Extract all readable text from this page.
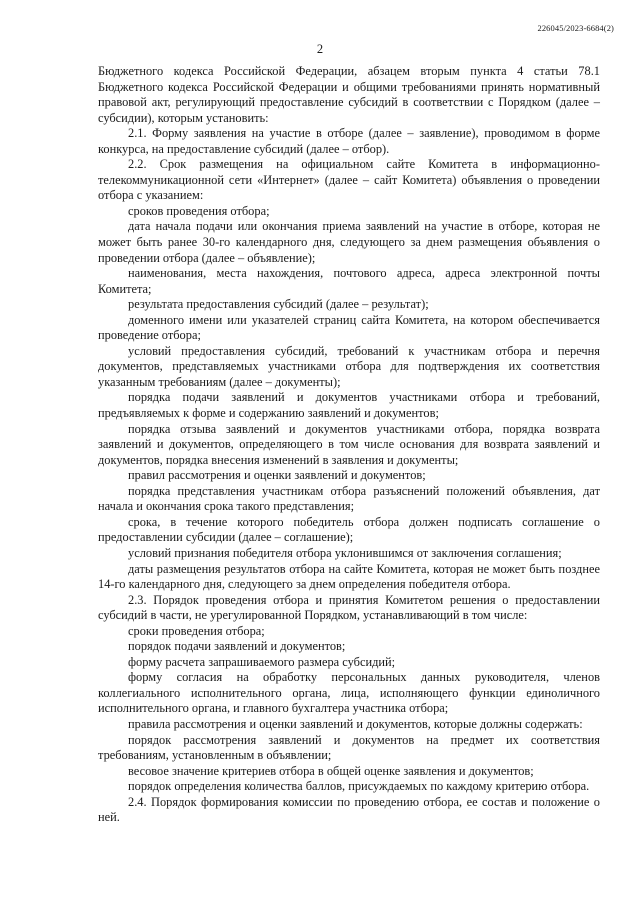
226045/2023-6684(2)
2

Бюджетного кодекса Российской Федерации, абзацем вторым пункта 4 статьи 78.1 Бюджетного кодекса Российской Федерации и общими требованиями принять нормативный правовой акт, регулирующий предоставление субсидий в соответствии с Порядком (далее – субсидии), которым установить:

2.1. Форму заявления на участие в отборе (далее – заявление), проводимом в форме конкурса, на предоставление субсидий (далее – отбор).

2.2. Срок размещения на официальном сайте Комитета в информационно-телекоммуникационной сети «Интернет» (далее – сайт Комитета) объявления о проведении отбора с указанием:

сроков проведения отбора;

дата начала подачи или окончания приема заявлений на участие в отборе, которая не может быть ранее 30-го календарного дня, следующего за днем размещения объявления о проведении отбора (далее – объявление);

наименования, места нахождения, почтового адреса, адреса электронной почты Комитета;

результата предоставления субсидий (далее – результат);

доменного имени или указателей страниц сайта Комитета, на котором обеспечивается проведение отбора;

условий предоставления субсидий, требований к участникам отбора и перечня документов, представляемых участниками отбора для подтверждения их соответствия указанным требованиям (далее – документы);

порядка подачи заявлений и документов участниками отбора и требований, предъявляемых к форме и содержанию заявлений и документов;

порядка отзыва заявлений и документов участниками отбора, порядка возврата заявлений и документов, определяющего в том числе основания для возврата заявлений и документов, порядка внесения изменений в заявления и документы;

правил рассмотрения и оценки заявлений и документов;

порядка представления участникам отбора разъяснений положений объявления, дат начала и окончания срока такого представления;

срока, в течение которого победитель отбора должен подписать соглашение о предоставлении субсидии (далее – соглашение);

условий признания победителя отбора уклонившимся от заключения соглашения;

даты размещения результатов отбора на сайте Комитета, которая не может быть позднее 14-го календарного дня, следующего за днем определения победителя отбора.

2.3. Порядок проведения отбора и принятия Комитетом решения о предоставлении субсидий в части, не урегулированной Порядком, устанавливающий в том числе:

сроки проведения отбора;

порядок подачи заявлений и документов;

форму расчета запрашиваемого размера субсидий;

форму согласия на обработку персональных данных руководителя, членов коллегиального исполнительного органа, лица, исполняющего функции единоличного исполнительного органа, и главного бухгалтера участника отбора;

правила рассмотрения и оценки заявлений и документов, которые должны содержать:

порядок рассмотрения заявлений и документов на предмет их соответствия требованиям, установленным в объявлении;

весовое значение критериев отбора в общей оценке заявления и документов;

порядок определения количества баллов, присуждаемых по каждому критерию отбора.

2.4. Порядок формирования комиссии по проведению отбора, ее состав и положение о ней.
